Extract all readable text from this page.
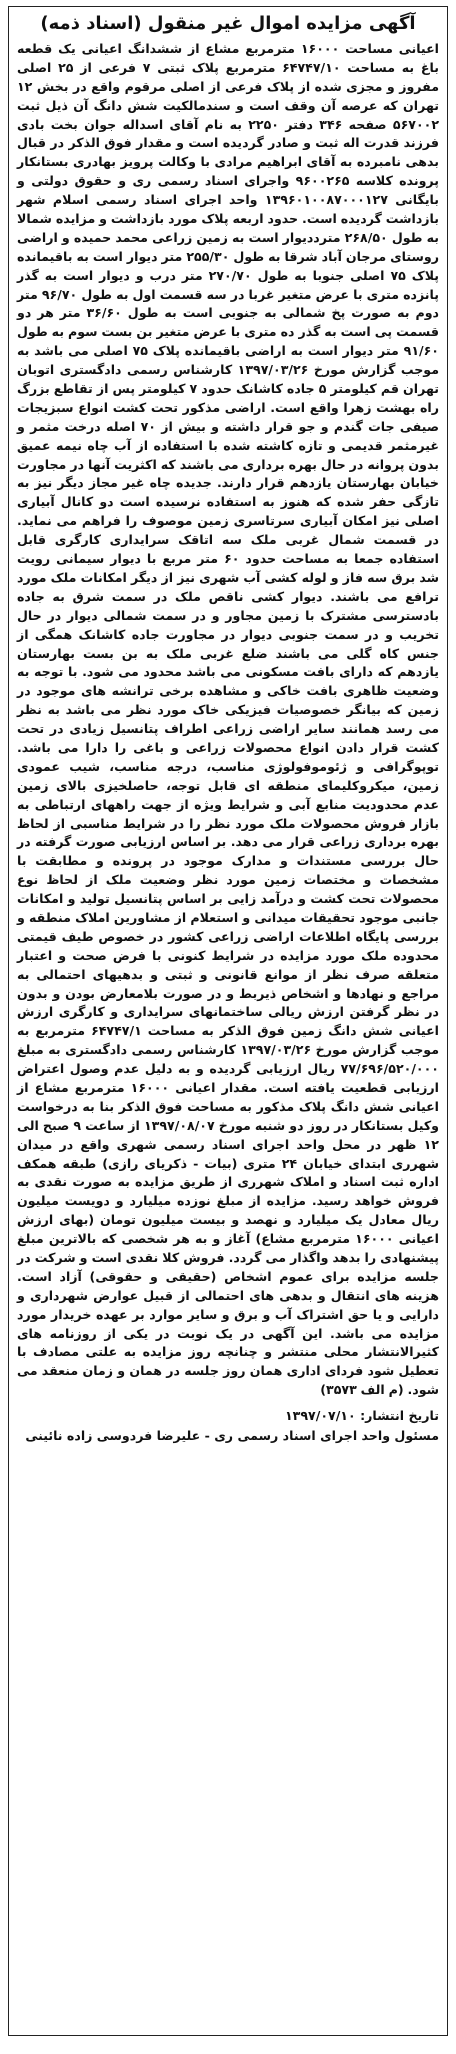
آگهی مزایده اموال غیر منقول (اسناد ذمه)

اعیانی مساحت ۱۶۰۰۰ مترمربع مشاع از ششدانگ اعیانی یک قطعه باغ به مساحت ۶۴۷۴۷/۱۰ مترمربع پلاک ثبتی ۷ فرعی از ۲۵ اصلی مفروز و مجزی شده از پلاک فرعی از اصلی مرقوم واقع در بخش ۱۲ تهران که عرصه آن وقف است و سندمالکیت شش دانگ آن ذیل ثبت ۵۶۷۰۰۲ صفحه ۳۴۶ دفتر ۲۲۵۰ به نام آقای اسداله جوان بخت بادی فرزند قدرت اله ثبت و صادر گردیده است و مقدار فوق الذکر در قبال بدهی نامبرده به آقای ابراهیم مرادی با وکالت پرویز بهادری بستانکار پرونده کلاسه ۹۶۰۰۲۶۵ واجرای اسناد رسمی ری و حقوق دولتی و بایگانی ۱۳۹۶۰۱۰۰۸۷۰۰۰۱۲۷ واحد اجرای اسناد رسمی اسلام شهر بازداشت گردیده است. حدود اربعه پلاک مورد بازداشت و مزایده شمالا به طول ۲۶۸/۵۰ مترددیوار است به زمین زراعی محمد حمیده و اراضی روستای مرجان آباد شرقا به طول ۲۵۵/۳۰ متر دیوار است به باقیمانده پلاک ۷۵ اصلی جنوبا به طول ۲۷۰/۷۰ متر درب و دیوار است به گذر پانزده متری با عرض متغیر غربا در سه قسمت اول به طول ۹۶/۷۰ متر دوم به صورت پخ شمالی به جنوبی است به طول ۳۶/۶۰ متر هر دو قسمت پی است به گذر ده متری با عرض متغیر بن بست سوم به طول ۹۱/۶۰ متر دیوار است به اراضی باقیمانده پلاک ۷۵ اصلی می باشد به موجب گزارش مورخ ۱۳۹۷/۰۳/۲۶ کارشناس رسمی دادگستری اتوبان تهران قم کیلومتر ۵ جاده کاشانک حدود ۷ کیلومتر پس از تقاطع بزرگ راه بهشت زهرا واقع است. اراضی مذکور تحت کشت انواع سبزیجات صیفی جات گندم و جو قرار داشته و بیش از ۷۰ اصله درخت مثمر و غیرمثمر قدیمی و تازه کاشته شده با استفاده از آب چاه نیمه عمیق بدون پروانه در حال بهره برداری می باشند که اکثریت آنها در مجاورت خیابان بهارستان یازدهم قرار دارند. جدیده چاه غیر مجاز دیگر نیز به تازگی حفر شده که هنوز به استفاده نرسیده است دو کانال آبیاری اصلی نیز امکان آبیاری سرتاسری زمین موصوف را فراهم می نماید. در قسمت شمال غربی ملک سه اتاقک سرایداری کارگری قابل استفاده جمعا به مساحت حدود ۶۰ متر مربع با دیوار سیمانی رویت شد برق سه فاز و لوله کشی آب شهری نیز از دیگر امکانات ملک مورد ترافع می باشند. دیوار کشی ناقص ملک در سمت شرق به جاده بادسترسی مشترک با زمین مجاور و در سمت شمالی دیوار در حال تخریب و در سمت جنوبی دیوار در مجاورت جاده کاشانک همگی از جنس کاه گلی می باشند ضلع غربی ملک به بن بست بهارستان یازدهم که دارای بافت مسکونی می باشد محدود می شود. با توجه به وضعیت ظاهری بافت خاکی و مشاهده برخی ترانشه های موجود در زمین که بیانگر خصوصیات فیزیکی خاک مورد نظر می باشد به نظر می رسد همانند سایر اراضی زراعی اطراف پتانسیل زیادی در تحت کشت قرار دادن انواع محصولات زراعی و باغی را دارا می باشد. توپوگرافی و ژئوموفولوژی مناسب، درجه مناسب، شیب عمودی زمین، میکروکلیمای منطقه ای قابل توجه، حاصلخیزی بالای زمین عدم محدودیت منابع آبی و شرایط ویژه از جهت راههای ارتباطی به بازار فروش محصولات ملک مورد نظر را در شرایط مناسبی از لحاظ بهره برداری زراعی قرار می دهد. بر اساس ارزیابی صورت گرفته در حال بررسی مستندات و مدارک موجود در پرونده و مطابقت با مشخصات و مختصات زمین مورد نظر وضعیت ملک از لحاظ نوع محصولات تحت کشت و درآمد زایی بر اساس پتانسیل تولید و امکانات جانبی موجود تحقیقات میدانی و استعلام از مشاورین املاک منطقه و بررسی پایگاه اطلاعات اراضی زراعی کشور در خصوص طیف قیمتی محدوده ملک مورد مزایده در شرایط کنونی با فرض صحت و اعتبار متعلقه صرف نظر از موانع قانونی و ثبتی و بدهیهای احتمالی به مراجع و نهادها و اشخاص ذیربط و در صورت بلامعارض بودن و بدون در نظر گرفتن ارزش ریالی ساختمانهای سرایداری و کارگری ارزش اعیانی شش دانگ زمین فوق الذکر به مساحت ۶۴۷۴۷/۱ مترمربع به موجب گزارش مورخ ۱۳۹۷/۰۳/۲۶ کارشناس رسمی دادگستری به مبلغ ۷۷/۶۹۶/۵۲۰/۰۰۰ ریال ارزیابی گردیده و به دلیل عدم وصول اعتراض ارزیابی قطعیت یافته است. مقدار اعیانی ۱۶۰۰۰ مترمربع مشاع از اعیانی شش دانگ پلاک مذکور به مساحت فوق الذکر بنا به درخواست وکیل بستانکار در روز دو شنبه مورخ ۱۳۹۷/۰۸/۰۷ از ساعت ۹ صبح الی ۱۲ ظهر در محل واحد اجرای اسناد رسمی شهری واقع در میدان شهرری ابتدای خیابان ۲۴ متری (بیات - ذکریای رازی) طبقه همکف اداره ثبت اسناد و املاک شهرری از طریق مزایده به صورت نقدی به فروش خواهد رسید. مزایده از مبلغ نوزده میلیارد و دویست میلیون ریال معادل یک میلیارد و نهصد و بیست میلیون تومان (بهای ارزش اعیانی ۱۶۰۰۰ مترمربع مشاع) آغاز و به هر شخصی که بالاترین مبلغ پیشنهادی را بدهد واگذار می گردد. فروش کلا نقدی است و شرکت در جلسه مزایده برای عموم اشخاص (حقیقی و حقوقی) آزاد است. هزینه های انتقال و بدهی های احتمالی از قبیل عوارض شهرداری و دارایی و یا حق اشتراک آب و برق و سایر موارد بر عهده خریدار مورد مزایده می باشد. این آگهی در یک نوبت در یکی از روزنامه های کثیرالانتشار محلی منتشر و چنانچه روز مزایده به علتی مصادف با تعطیل شود فردای اداری همان روز جلسه در همان و زمان منعقد می شود. (م الف ۳۵۷۳)

تاریخ انتشار: ۱۳۹۷/۰۷/۱۰
مسئول واحد اجرای اسناد رسمی ری - علیرضا فردوسی زاده نائینی
